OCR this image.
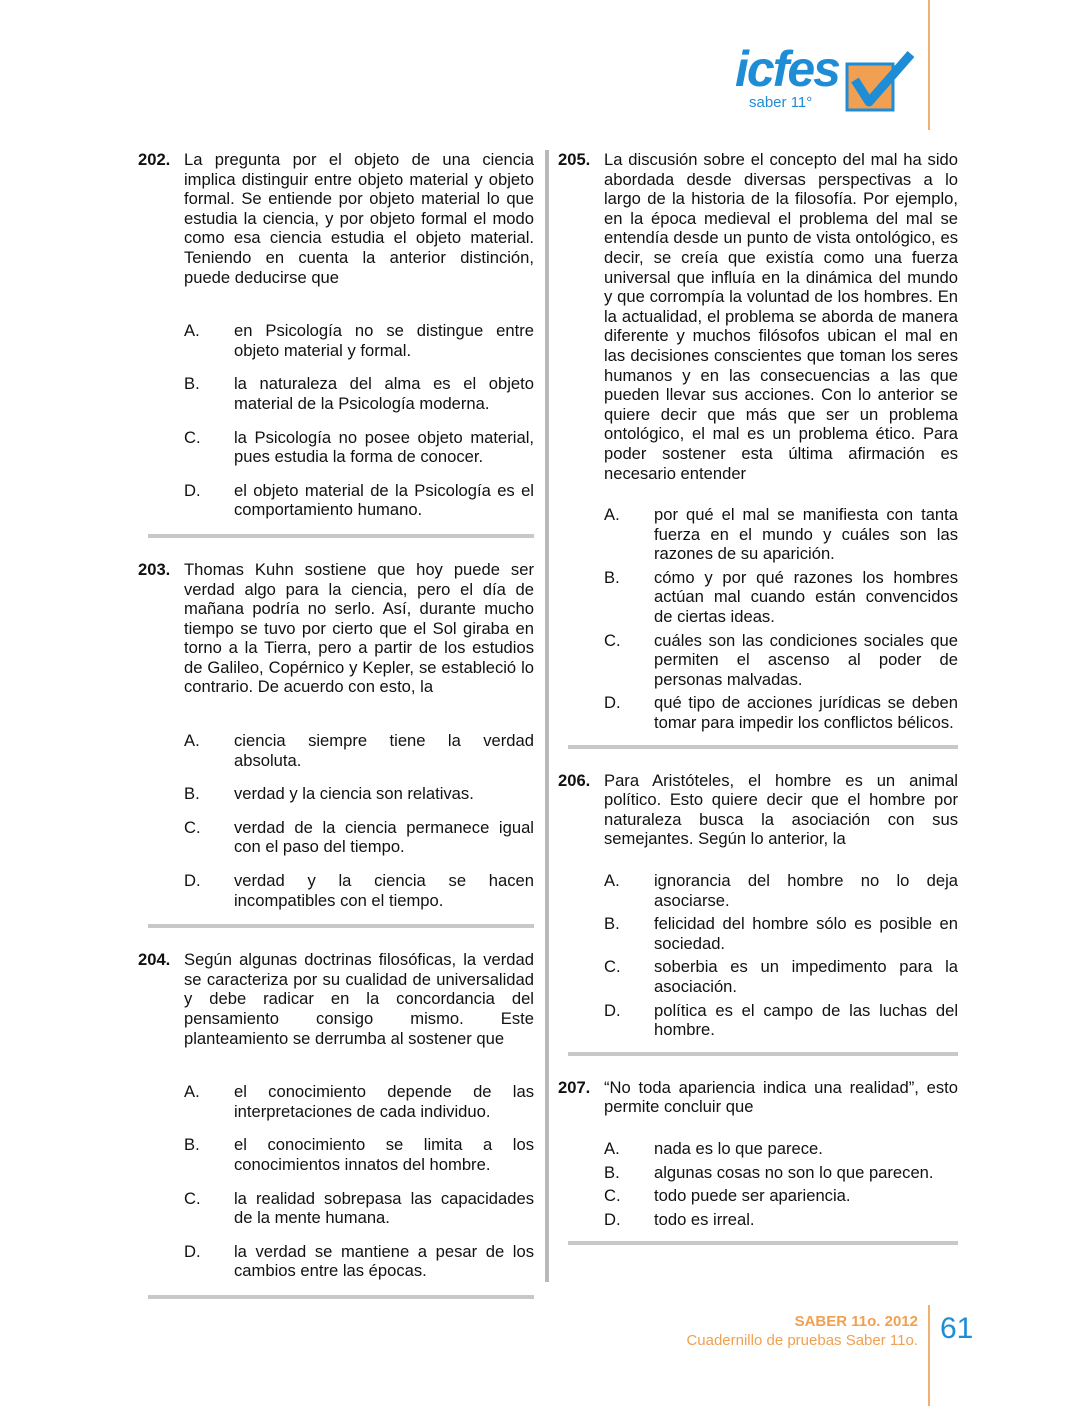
icfes
saber 11°
202. La pregunta por el objeto de una ciencia implica distinguir entre objeto material y objeto formal. Se entiende por objeto material lo que estudia la ciencia, y por objeto formal el modo como esa ciencia estudia el objeto material. Teniendo en cuenta la anterior distinción, puede deducirse que
A.	en Psicología no se distingue entre objeto material y formal.
B.	la naturaleza del alma es el objeto material de la Psicología moderna.
C.	la Psicología no posee objeto material, pues estudia la forma de conocer.
D.	el objeto material de la Psicología es el comportamiento humano.
203. Thomas Kuhn sostiene que hoy puede ser verdad algo para la ciencia, pero el día de mañana podría no serlo. Así, durante mucho tiempo se tuvo por cierto que el Sol giraba en torno a la Tierra, pero a partir de los estudios de Galileo, Copérnico y Kepler, se estableció lo contrario. De acuerdo con esto, la
A.	ciencia siempre tiene la verdad absoluta.
B.	verdad y la ciencia son relativas.
C.	verdad de la ciencia permanece igual con el paso del tiempo.
D.	verdad y la ciencia se hacen incompatibles con el tiempo.
204. Según algunas doctrinas filosóficas, la verdad se caracteriza por su cualidad de universalidad y debe radicar en la concordancia del pensamiento consigo mismo. Este planteamiento se derrumba al sostener que
A.	el conocimiento depende de las interpretaciones de cada individuo.
B.	el conocimiento se limita a los conocimientos innatos del hombre.
C.	la realidad sobrepasa las capacidades de la mente humana.
D.	la verdad se mantiene a pesar de los cambios entre las épocas.
205. La discusión sobre el concepto del mal ha sido abordada desde diversas perspectivas a lo largo de la historia de la filosofía. Por ejemplo, en la época medieval el problema del mal se entendía desde un punto de vista ontológico, es decir, se creía que existía como una fuerza universal que influía en la dinámica del mundo y que corrompía la voluntad de los hombres. En la actualidad, el problema se aborda de manera diferente y muchos filósofos ubican el mal en las decisiones conscientes que toman los seres humanos y en las consecuencias a las que pueden llevar sus acciones. Con lo anterior se quiere decir que más que ser un problema ontológico, el mal es un problema ético. Para poder sostener esta última afirmación es necesario entender
A.	por qué el mal se manifiesta con tanta fuerza en el mundo y cuáles son las razones de su aparición.
B.	cómo y por qué razones los hombres actúan mal cuando están convencidos de ciertas ideas.
C.	cuáles son las condiciones sociales que permiten el ascenso al poder de personas malvadas.
D.	qué tipo de acciones jurídicas se deben tomar para impedir los conflictos bélicos.
206. Para Aristóteles, el hombre es un animal político. Esto quiere decir que el hombre por naturaleza busca la asociación con sus semejantes. Según lo anterior, la
A.	ignorancia del hombre no lo deja asociarse.
B.	felicidad del hombre sólo es posible en sociedad.
C.	soberbia es un impedimento para la asociación.
D.	política es el campo de las luchas del hombre.
207. “No toda apariencia indica una realidad”, esto permite concluir que
A.	nada es lo que parece.
B.	algunas cosas no son lo que parecen.
C.	todo puede ser apariencia.
D.	todo es irreal.
SABER 11o. 2012
Cuadernillo de pruebas Saber 11o. 61
